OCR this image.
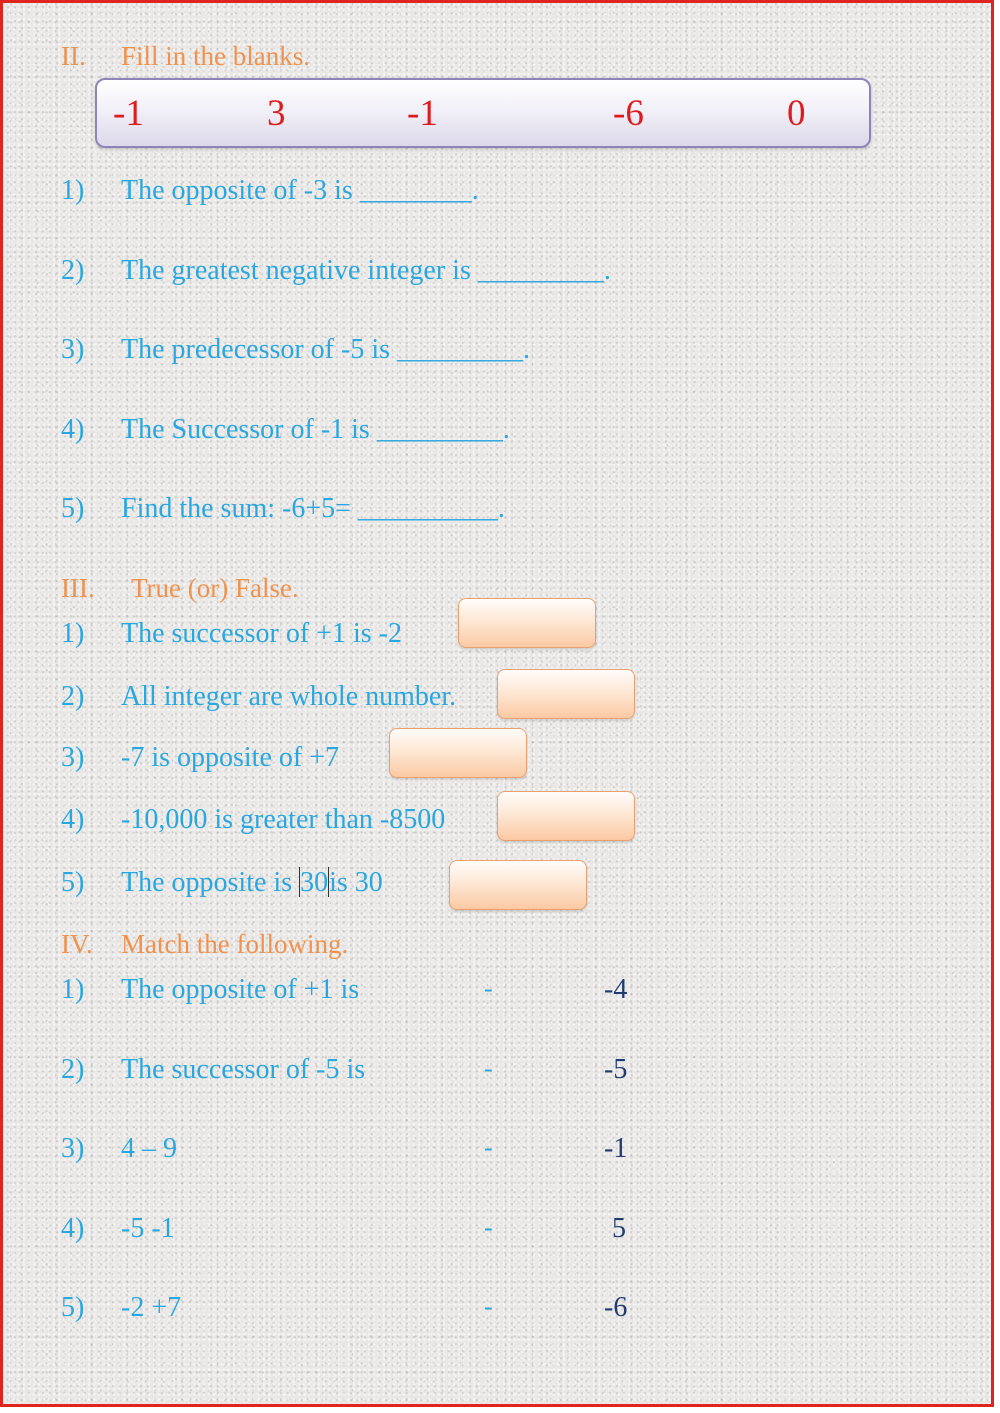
II. Fill in the blanks.
-1	3	-1	-6	0
1) The opposite of -3 is ________.
2) The greatest negative integer is _________.
3) The predecessor of -5 is _________.
4) The Successor of -1 is _________.
5) Find the sum: -6+5= __________.
III. True (or) False.
1) The successor of +1 is -2
2) All integer are whole number.
3) -7 is opposite of +7
4) -10,000 is greater than -8500
5) The opposite is 30is 30
IV. Match the following.
1) The opposite of +1 is	-	-4
2) The successor of -5 is	-	-5
3) 4 – 9	-	-1
4) -5 -1	-	5
5) -2 +7	-	-6
